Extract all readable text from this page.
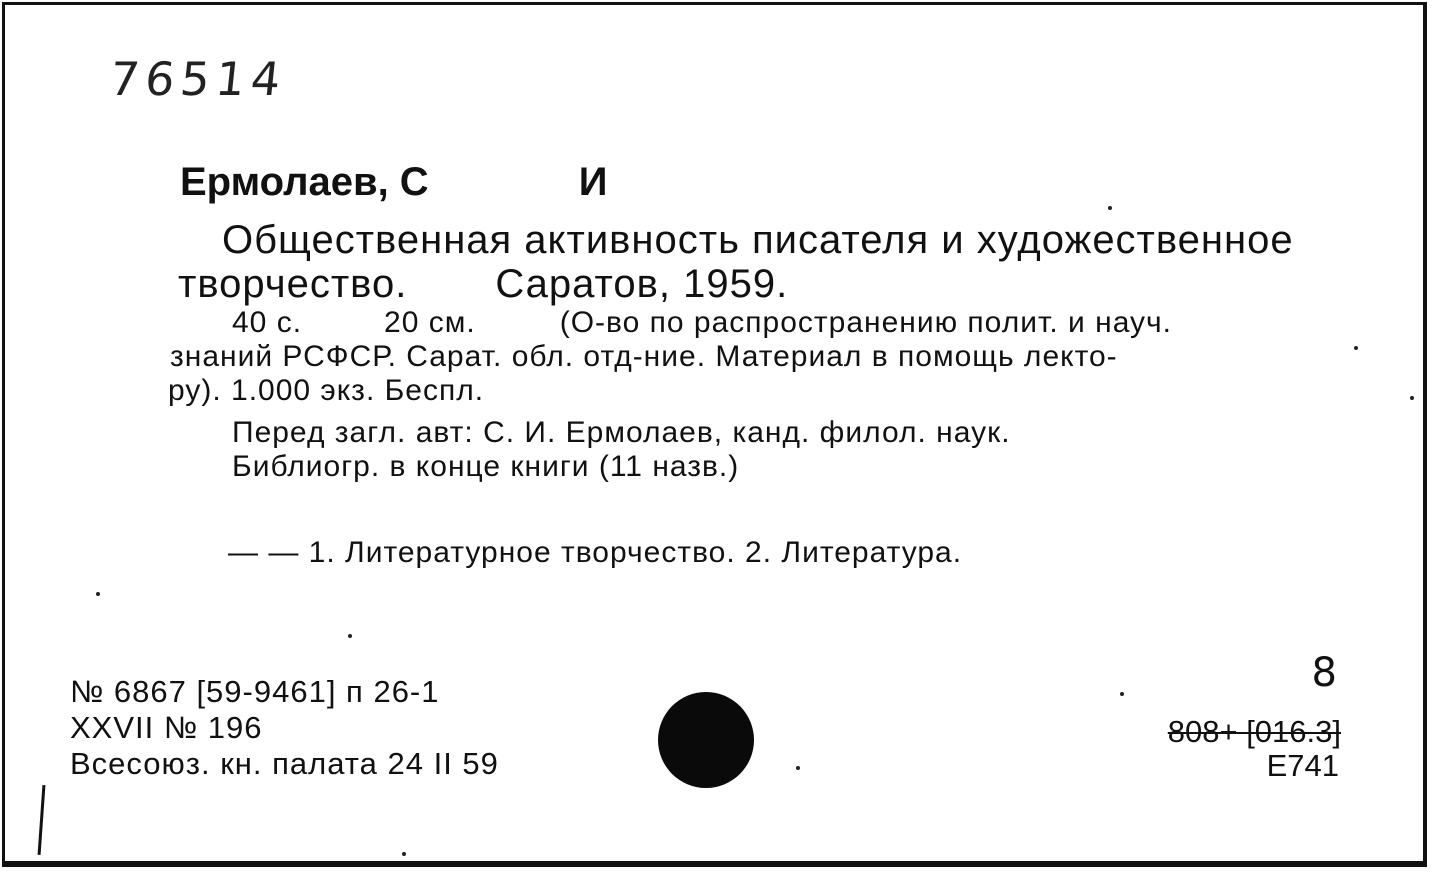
76514
Ермолаев, С	И
Общественная активность писателя и художественное
творчество. Саратов, 1959.
40 с.	20 см.	(О-во по распространению полит. и науч.
знаний РСФСР. Сарат. обл. отд-ние. Материал в помощь лекто-
ру). 1.000 экз. Беспл.
Перед загл. авт: С. И. Ермолаев, канд. филол. наук.
Библиогр. в конце книги (11 назв.)
— — 1. Литературное творчество. 2. Литература.
№ 6867 [59-9461] п 26-1
XXVII № 196
Всесоюз. кн. палата 24 II 59
8
808+ [016.3]
Е741
